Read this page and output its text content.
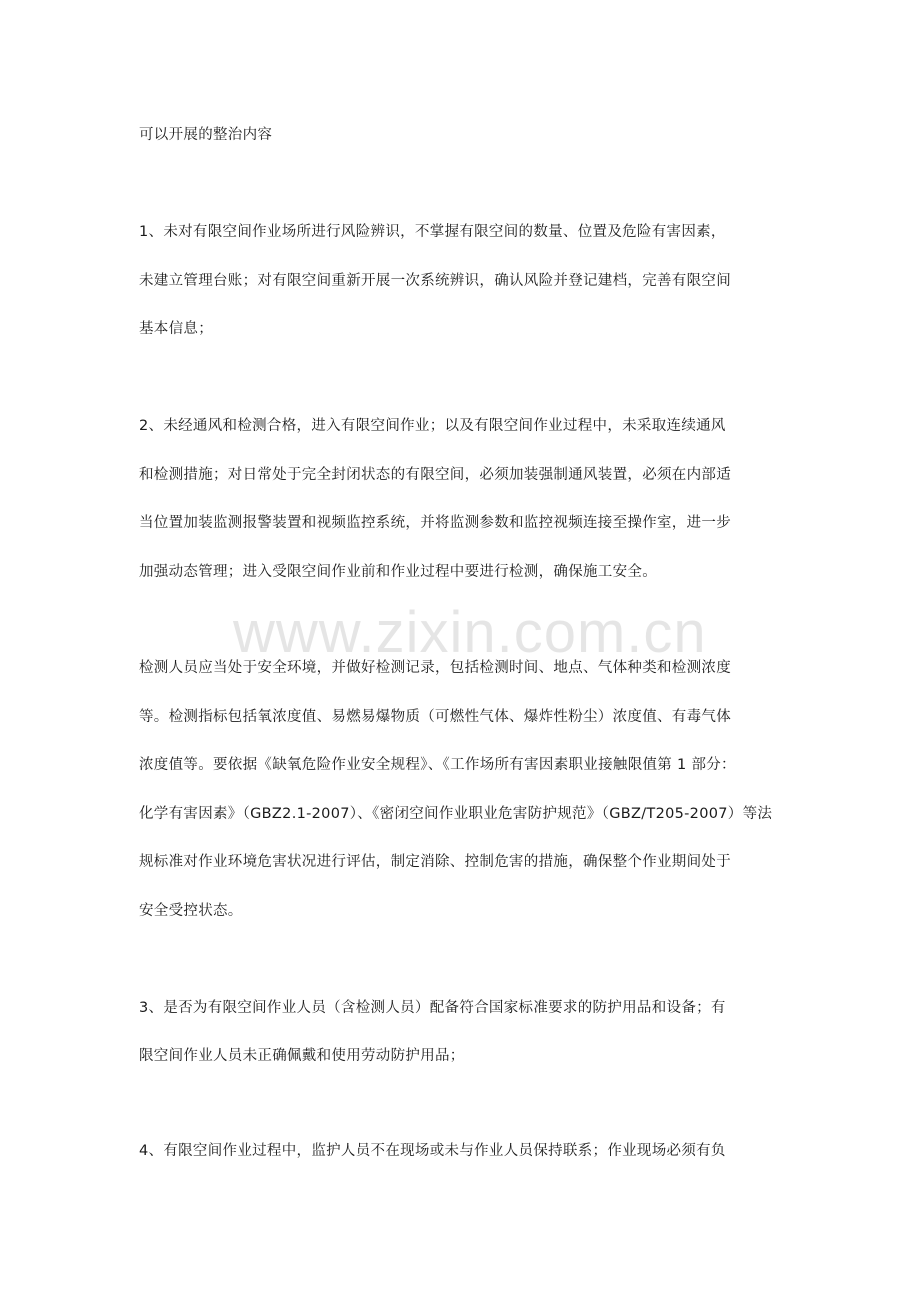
可以开展的整治内容
1、未对有限空间作业场所进行风险辨识，不掌握有限空间的数量、位置及危险有害因素，
未建立管理台账；对有限空间重新开展一次系统辨识，确认风险并登记建档，完善有限空间
基本信息；
2、未经通风和检测合格，进入有限空间作业；以及有限空间作业过程中，未采取连续通风
和检测措施；对日常处于完全封闭状态的有限空间，必须加装强制通风装置，必须在内部适
当位置加装监测报警装置和视频监控系统，并将监测参数和监控视频连接至操作室，进一步
加强动态管理；进入受限空间作业前和作业过程中要进行检测，确保施工安全。
检测人员应当处于安全环境，并做好检测记录，包括检测时间、地点、气体种类和检测浓度
等。检测指标包括氧浓度值、易燃易爆物质（可燃性气体、爆炸性粉尘）浓度值、有毒气体
浓度值等。要依据《缺氧危险作业安全规程》、《工作场所有害因素职业接触限值第 1 部分：
化学有害因素》（GBZ2.1-2007）、《密闭空间作业职业危害防护规范》（GBZ/T205-2007）等法
规标准对作业环境危害状况进行评估，制定消除、控制危害的措施，确保整个作业期间处于
安全受控状态。
3、是否为有限空间作业人员（含检测人员）配备符合国家标准要求的防护用品和设备；有
限空间作业人员未正确佩戴和使用劳动防护用品；
4、有限空间作业过程中，监护人员不在现场或未与作业人员保持联系；作业现场必须有负
www.zixin.com.cn
